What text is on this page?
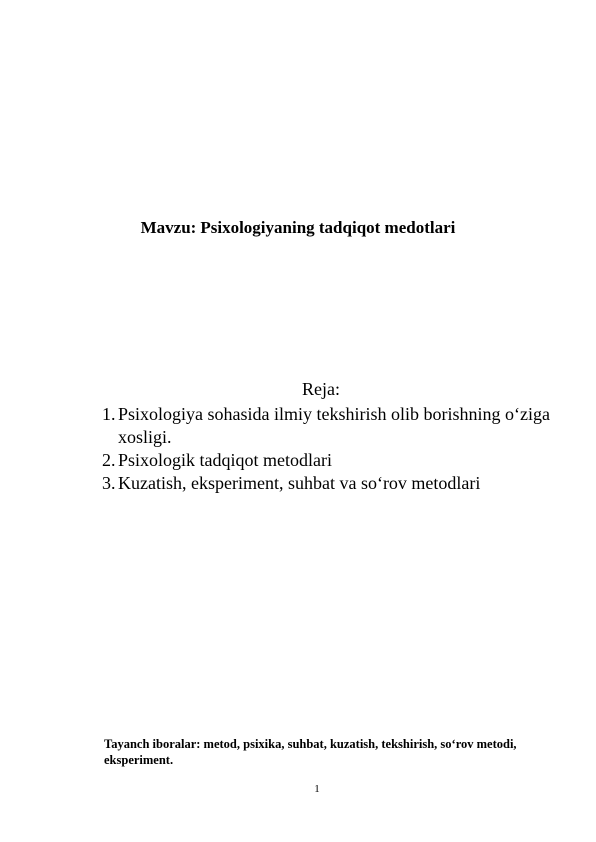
Mavzu: Psixologiyaning tadqiqot medotlari
Reja:
1. Psixologiya sohasida ilmiy tekshirish olib borishning o‘ziga xosligi.
2. Psixologik tadqiqot metodlari
3. Kuzatish, eksperiment, suhbat va so‘rov metodlari
Tayanch iboralar: metod, psixika, suhbat, kuzatish, tekshirish, so‘rov metodi, eksperiment.
1
